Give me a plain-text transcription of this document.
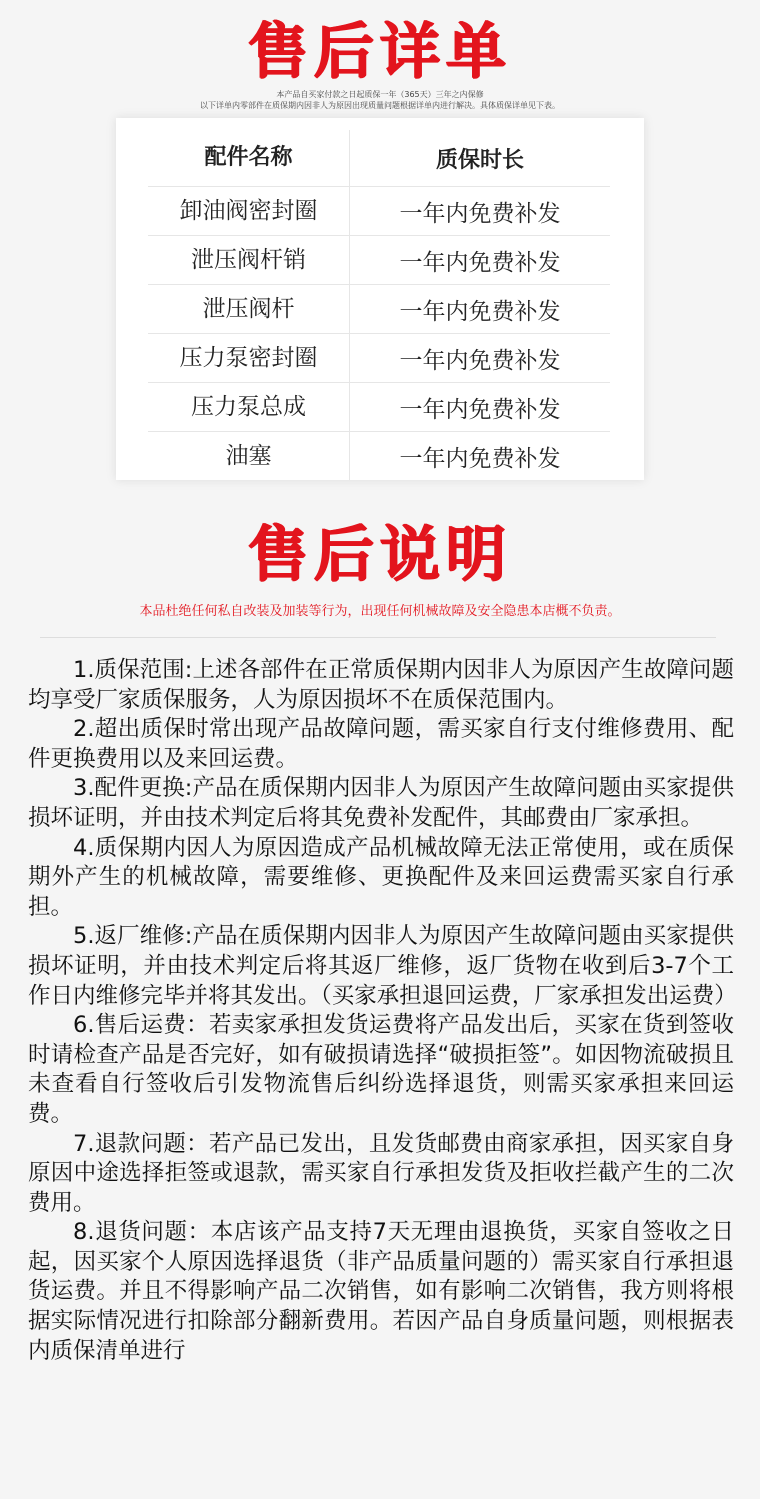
售后详单
本产品自买家付款之日起质保一年（365天）三年之内保修
以下详单内零部件在质保期内因非人为原因出现质量问题根据详单内进行解决。具体质保详单见下表。
配件名称	质保时长
卸油阀密封圈	一年内免费补发
泄压阀杆销	一年内免费补发
泄压阀杆	一年内免费补发
压力泵密封圈	一年内免费补发
压力泵总成	一年内免费补发
油塞	一年内免费补发
售后说明
本品杜绝任何私自改装及加装等行为，出现任何机械故障及安全隐患本店概不负责。

1.质保范围:上述各部件在正常质保期内因非人为原因产生故障问题均享受厂家质保服务，人为原因损坏不在质保范围内。

2.超出质保时常出现产品故障问题，需买家自行支付维修费用、配件更换费用以及来回运费。

3.配件更换:产品在质保期内因非人为原因产生故障问题由买家提供损坏证明，并由技术判定后将其免费补发配件，其邮费由厂家承担。

4.质保期内因人为原因造成产品机械故障无法正常使用，或在质保期外产生的机械故障，需要维修、更换配件及来回运费需买家自行承担。

5.返厂维修:产品在质保期内因非人为原因产生故障问题由买家提供损坏证明，并由技术判定后将其返厂维修，返厂货物在收到后3-7个工作日内维修完毕并将其发出。（买家承担退回运费，厂家承担发出运费）

6.售后运费：若卖家承担发货运费将产品发出后，买家在货到签收时请检查产品是否完好，如有破损请选择“破损拒签”。如因物流破损且未查看自行签收后引发物流售后纠纷选择退货，则需买家承担来回运费。

7.退款问题：若产品已发出，且发货邮费由商家承担，因买家自身原因中途选择拒签或退款，需买家自行承担发货及拒收拦截产生的二次费用。

8.退货问题：本店该产品支持7天无理由退换货，买家自签收之日起，因买家个人原因选择退货（非产品质量问题的）需买家自行承担退货运费。并且不得影响产品二次销售，如有影响二次销售，我方则将根据实际情况进行扣除部分翻新费用。若因产品自身质量问题，则根据表内质保清单进行
